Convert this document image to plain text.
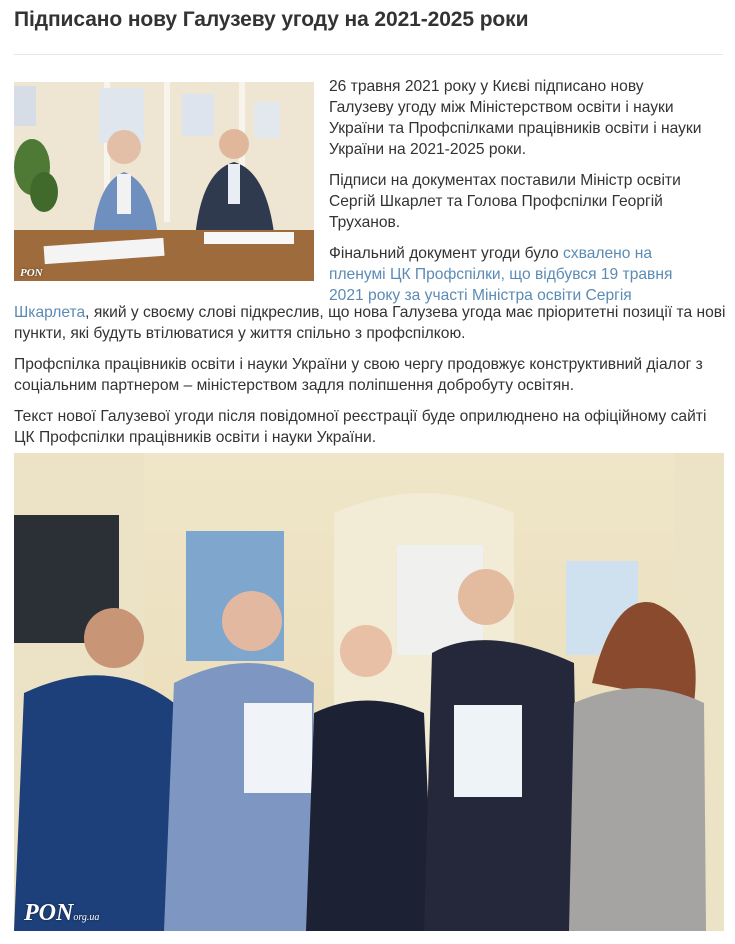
Підписано нову Галузеву угоду на 2021-2025 роки
PON

26 травня 2021 року у Києві підписано нову Галузеву угоду між Міністерством освіти і науки України та Профспілками працівників освіти і науки України на 2021-2025 роки.

Підписи на документах поставили Міністр освіти Сергій Шкарлет та Голова Профспілки Георгій Труханов.

Фінальний документ угоди було схвалено на пленумі ЦК Профспілки, що відбувся 19 травня 2021 року за участі Міністра освіти Сергія

Шкарлета, який у своєму слові підкреслив, що нова Галузева угода має пріоритетні позиції та нові пункти, які будуть втілюватися у життя спільно з профспілкою.

Профспілка працівників освіти і науки України у свою чергу продовжує конструктивний діалог з соціальним партнером – міністерством задля поліпшення добробуту освітян.

Текст нової Галузевої угоди після повідомної реєстрації буде оприлюднено на офіційному сайті ЦК Профспілки працівників освіти і науки України.

PONorg.ua
